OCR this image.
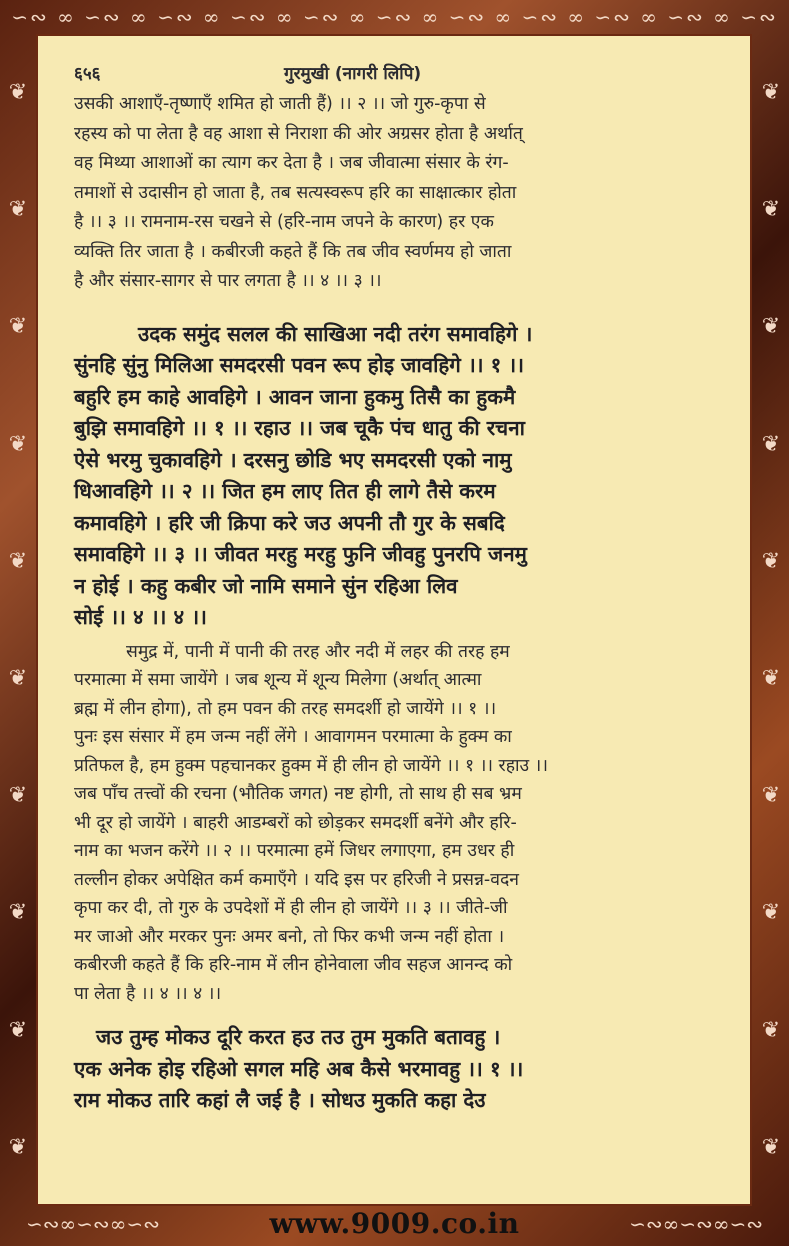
∽∾ ∞ ∽∾ ∞ ∽∾ ∞ ∽∾ ∞ ∽∾ ∞ ∽∾ ∞ ∽∾ ∞ ∽∾ ∞ ∽∾ ∞ ∽∾ ∞ ∽∾
❦
❦
❦
❦
❦
❦
❦
❦
❦
❦
❦
❦
❦
❦
❦
❦
❦
❦
❦
❦
६५६	गुरमुखी (नागरी लिपि)
उसकी आशाएँ-तृष्णाएँ शमित हो जाती हैं) ।। २ ।। जो गुरु-कृपा से
रहस्य को पा लेता है वह आशा से निराशा की ओर अग्रसर होता है अर्थात्
वह मिथ्या आशाओं का त्याग कर देता है । जब जीवात्मा संसार के रंग-
तमाशों से उदासीन हो जाता है, तब सत्यस्वरूप हरि का साक्षात्कार होता
है ।। ३ ।। रामनाम-रस चखने से (हरि-नाम जपने के कारण) हर एक
व्यक्ति तिर जाता है । कबीरजी कहते हैं कि तब जीव स्वर्णमय हो जाता
है और संसार-सागर से पार लगता है ।। ४ ।। ३ ।।
उदक समुंद सलल की साखिआ नदी तरंग समावहिगे ।
सुंनहि सुंनु मिलिआ समदरसी पवन रूप होइ जावहिगे ।। १ ।।
बहुरि हम काहे आवहिगे । आवन जाना हुकमु तिसै का हुकमै
बुझि समावहिगे ।। १ ।। रहाउ ।। जब चूकै पंच धातु की रचना
ऐसे भरमु चुकावहिगे । दरसनु छोडि भए समदरसी एको नामु
धिआवहिगे ।। २ ।। जित हम लाए तित ही लागे तैसे करम
कमावहिगे । हरि जी क्रिपा करे जउ अपनी तौ गुर के सबदि
समावहिगे ।। ३ ।। जीवत मरहु मरहु फुनि जीवहु पुनरपि जनमु
न होई । कहु कबीर जो नामि समाने सुंन रहिआ लिव
सोई ।। ४ ।। ४ ।।
समुद्र में, पानी में पानी की तरह और नदी में लहर की तरह हम
परमात्मा में समा जायेंगे । जब शून्य में शून्य मिलेगा (अर्थात् आत्मा
ब्रह्म में लीन होगा), तो हम पवन की तरह समदर्शी हो जायेंगे ।। १ ।।
पुनः इस संसार में हम जन्म नहीं लेंगे । आवागमन परमात्मा के हुक्म का
प्रतिफल है, हम हुक्म पहचानकर हुक्म में ही लीन हो जायेंगे ।। १ ।। रहाउ ।।
जब पाँच तत्त्वों की रचना (भौतिक जगत) नष्ट होगी, तो साथ ही सब भ्रम
भी दूर हो जायेंगे । बाहरी आडम्बरों को छोड़कर समदर्शी बनेंगे और हरि-
नाम का भजन करेंगे ।। २ ।। परमात्मा हमें जिधर लगाएगा, हम उधर ही
तल्लीन होकर अपेक्षित कर्म कमाएँगे । यदि इस पर हरिजी ने प्रसन्न-वदन
कृपा कर दी, तो गुरु के उपदेशों में ही लीन हो जायेंगे ।। ३ ।। जीते-जी
मर जाओ और मरकर पुनः अमर बनो, तो फिर कभी जन्म नहीं होता ।
कबीरजी कहते हैं कि हरि-नाम में लीन होनेवाला जीव सहज आनन्द को
पा लेता है ।। ४ ।। ४ ।।
जउ तुम्ह मोकउ दूरि करत हउ तउ तुम मुकति बतावहु ।
एक अनेक होइ रहिओ सगल महि अब कैसे भरमावहु ।। १ ।।
राम मोकउ तारि कहां लै जई है । सोधउ मुकति कहा देउ
∽∾∞∽∾∞∽∾	∽∾∞∽∾∞∽∾
www.9009.co.in
